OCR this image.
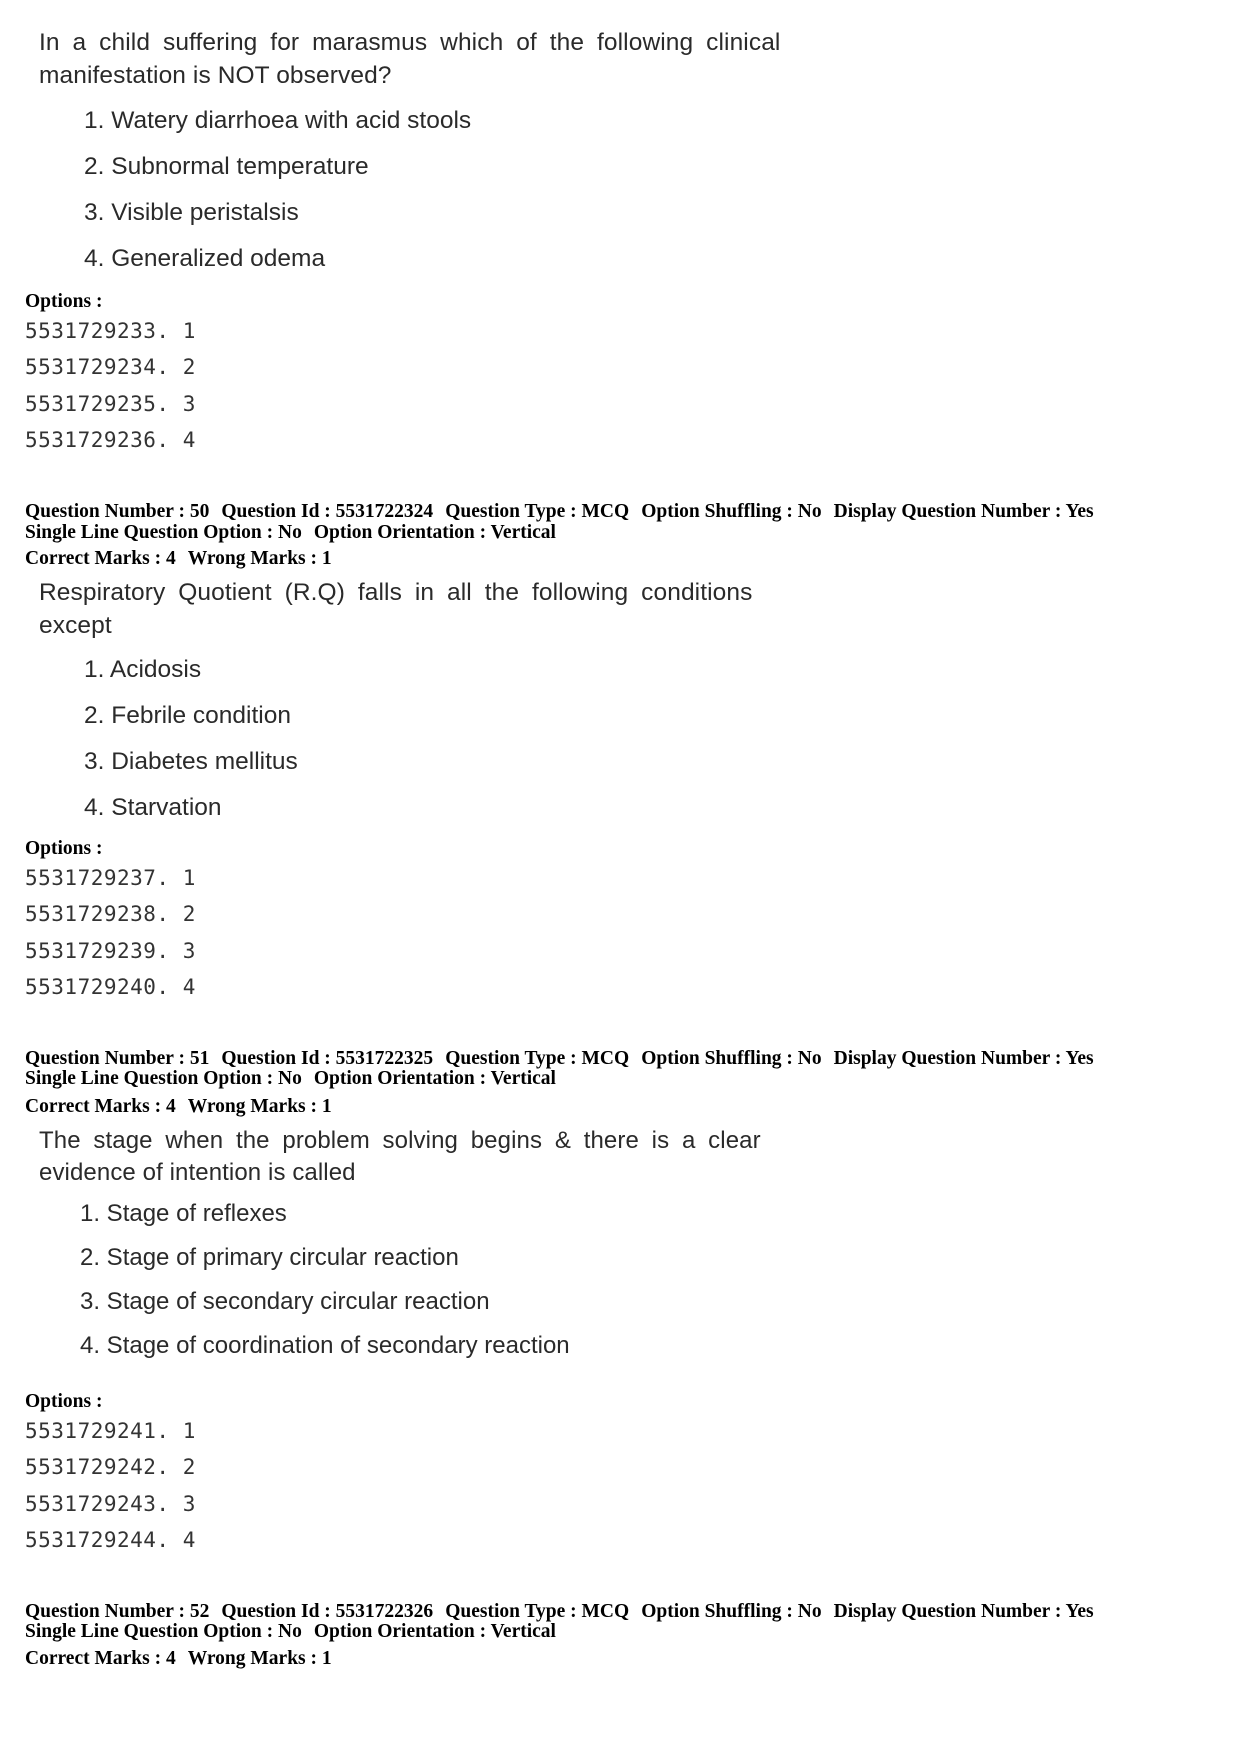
In a child suffering for marasmus which of the following clinical
manifestation is NOT observed?
1. Watery diarrhoea with acid stools
2. Subnormal temperature
3. Visible peristalsis
4. Generalized odema
Options :
5531729233. 1
5531729234. 2
5531729235. 3
5531729236. 4
Question Number : 50 Question Id : 5531722324 Question Type : MCQ Option Shuffling : No Display Question Number : Yes
Single Line Question Option : No Option Orientation : Vertical
Correct Marks : 4 Wrong Marks : 1
Respiratory Quotient (R.Q) falls in all the following conditions
except
1. Acidosis
2. Febrile condition
3. Diabetes mellitus
4. Starvation
Options :
5531729237. 1
5531729238. 2
5531729239. 3
5531729240. 4
Question Number : 51 Question Id : 5531722325 Question Type : MCQ Option Shuffling : No Display Question Number : Yes
Single Line Question Option : No Option Orientation : Vertical
Correct Marks : 4 Wrong Marks : 1
The stage when the problem solving begins & there is a clear
evidence of intention is called
1. Stage of reflexes
2. Stage of primary circular reaction
3. Stage of secondary circular reaction
4. Stage of coordination of secondary reaction
Options :
5531729241. 1
5531729242. 2
5531729243. 3
5531729244. 4
Question Number : 52 Question Id : 5531722326 Question Type : MCQ Option Shuffling : No Display Question Number : Yes
Single Line Question Option : No Option Orientation : Vertical
Correct Marks : 4 Wrong Marks : 1
